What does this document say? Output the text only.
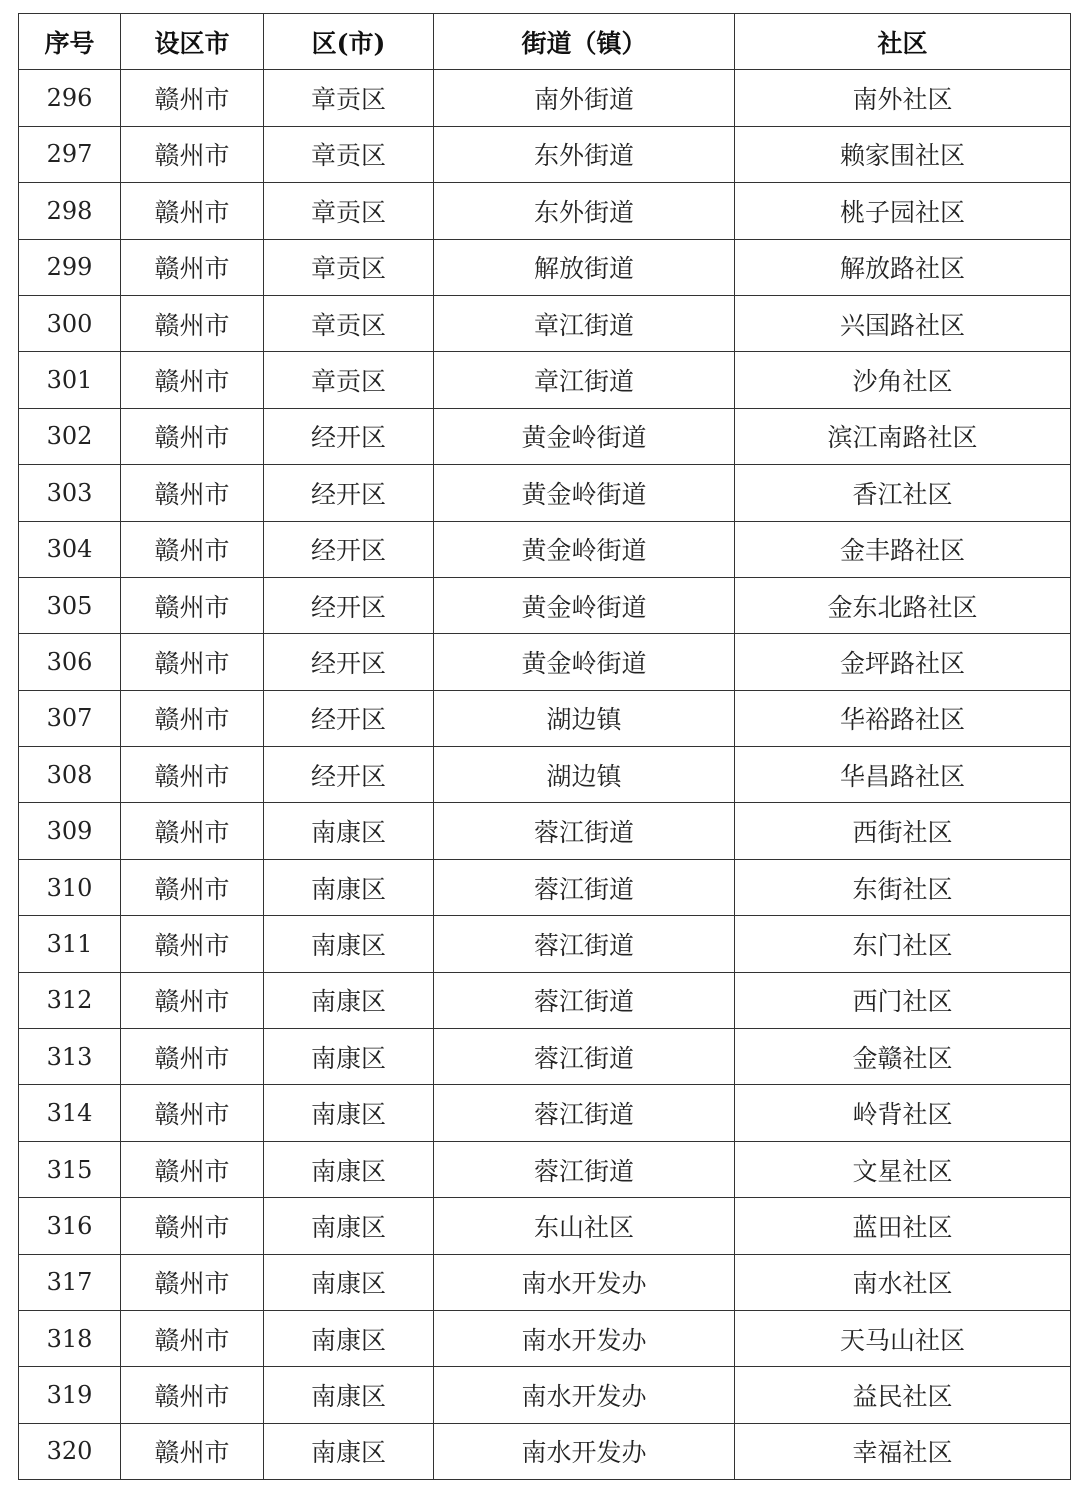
序号	设区市	区(市)	街道（镇）	社区
296	赣州市	章贡区	南外街道	南外社区
297	赣州市	章贡区	东外街道	赖家围社区
298	赣州市	章贡区	东外街道	桃子园社区
299	赣州市	章贡区	解放街道	解放路社区
300	赣州市	章贡区	章江街道	兴国路社区
301	赣州市	章贡区	章江街道	沙角社区
302	赣州市	经开区	黄金岭街道	滨江南路社区
303	赣州市	经开区	黄金岭街道	香江社区
304	赣州市	经开区	黄金岭街道	金丰路社区
305	赣州市	经开区	黄金岭街道	金东北路社区
306	赣州市	经开区	黄金岭街道	金坪路社区
307	赣州市	经开区	湖边镇	华裕路社区
308	赣州市	经开区	湖边镇	华昌路社区
309	赣州市	南康区	蓉江街道	西街社区
310	赣州市	南康区	蓉江街道	东街社区
311	赣州市	南康区	蓉江街道	东门社区
312	赣州市	南康区	蓉江街道	西门社区
313	赣州市	南康区	蓉江街道	金赣社区
314	赣州市	南康区	蓉江街道	岭背社区
315	赣州市	南康区	蓉江街道	文星社区
316	赣州市	南康区	东山社区	蓝田社区
317	赣州市	南康区	南水开发办	南水社区
318	赣州市	南康区	南水开发办	天马山社区
319	赣州市	南康区	南水开发办	益民社区
320	赣州市	南康区	南水开发办	幸福社区
